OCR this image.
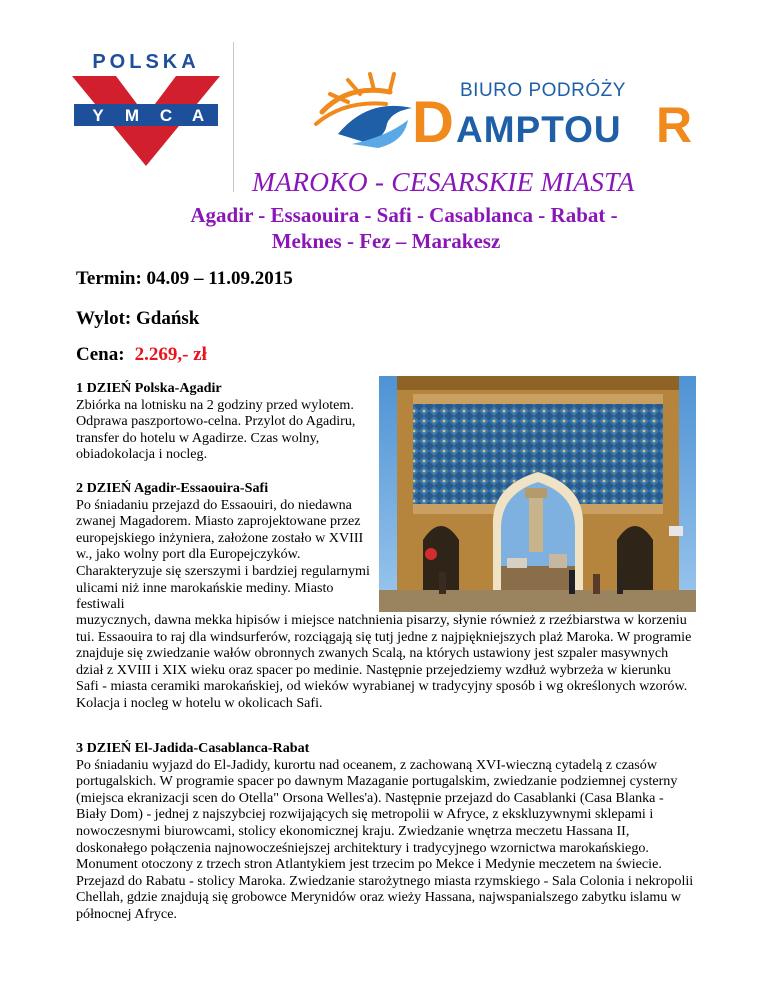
POLSKA
Y M C A
BIURO PODRÓŻY
D AMPTOU R
MAROKO - CESARSKIE MIASTA
Agadir - Essaouira - Safi - Casablanca - Rabat -
Meknes - Fez – Marakesz
Termin: 04.09 – 11.09.2015
Wylot: Gdańsk
Cena: 2.269,- zł
1 DZIEŃ Polska-Agadir
Zbiórka na lotnisku na 2 godziny przed wylotem. Odprawa paszportowo-celna. Przylot do Agadiru, transfer do hotelu w Agadirze. Czas wolny, obiadokolacja i nocleg.
2 DZIEŃ Agadir-Essaouira-Safi
Po śniadaniu przejazd do Essaouiri, do niedawna zwanej Magadorem. Miasto zaprojektowane przez europejskiego inżyniera, założone zostało w XVIII w., jako wolny port dla Europejczyków. Charakteryzuje się szerszymi i bardziej regularnymi ulicami niż inne marokańskie mediny. Miasto festiwali
muzycznych, dawna mekka hipisów i miejsce natchnienia pisarzy, słynie również z rzeźbiarstwa w korzeniu tui. Essaouira to raj dla windsurferów, rozciągają się tutj jedne z najpiękniejszych plaż Maroka. W programie znajduje się zwiedzanie wałów obronnych zwanych Scalą, na których ustawiony jest szpaler masywnych dział z XVIII i XIX wieku oraz spacer po medinie. Następnie przejedziemy wzdłuż wybrzeża w kierunku Safi - miasta ceramiki marokańskiej, od wieków wyrabianej w tradycyjny sposób i wg określonych wzorów. Kolacja i nocleg w hotelu w okolicach Safi.
3 DZIEŃ El-Jadida-Casablanca-Rabat
Po śniadaniu wyjazd do El-Jadidy, kurortu nad oceanem, z zachowaną XVI-wieczną cytadelą z czasów portugalskich. W programie spacer po dawnym Mazaganie portugalskim, zwiedzanie podziemnej cysterny (miejsca ekranizacji scen do Otella" Orsona Welles'a). Następnie przejazd do Casablanki (Casa Blanka - Biały Dom) - jednej z najszybciej rozwijających się metropolii w Afryce, z ekskluzywnymi sklepami i nowoczesnymi biurowcami, stolicy ekonomicznej kraju. Zwiedzanie wnętrza meczetu Hassana II, doskonałego połączenia najnowocześniejszej architektury i tradycyjnego wzornictwa marokańskiego. Monument otoczony z trzech stron Atlantykiem jest trzecim po Mekce i Medynie meczetem na świecie. Przejazd do Rabatu - stolicy Maroka. Zwiedzanie starożytnego miasta rzymskiego - Sala Colonia i nekropolii Chellah, gdzie znajdują się grobowce Merynidów oraz wieży Hassana, najwspanialszego zabytku islamu w północnej Afryce.
